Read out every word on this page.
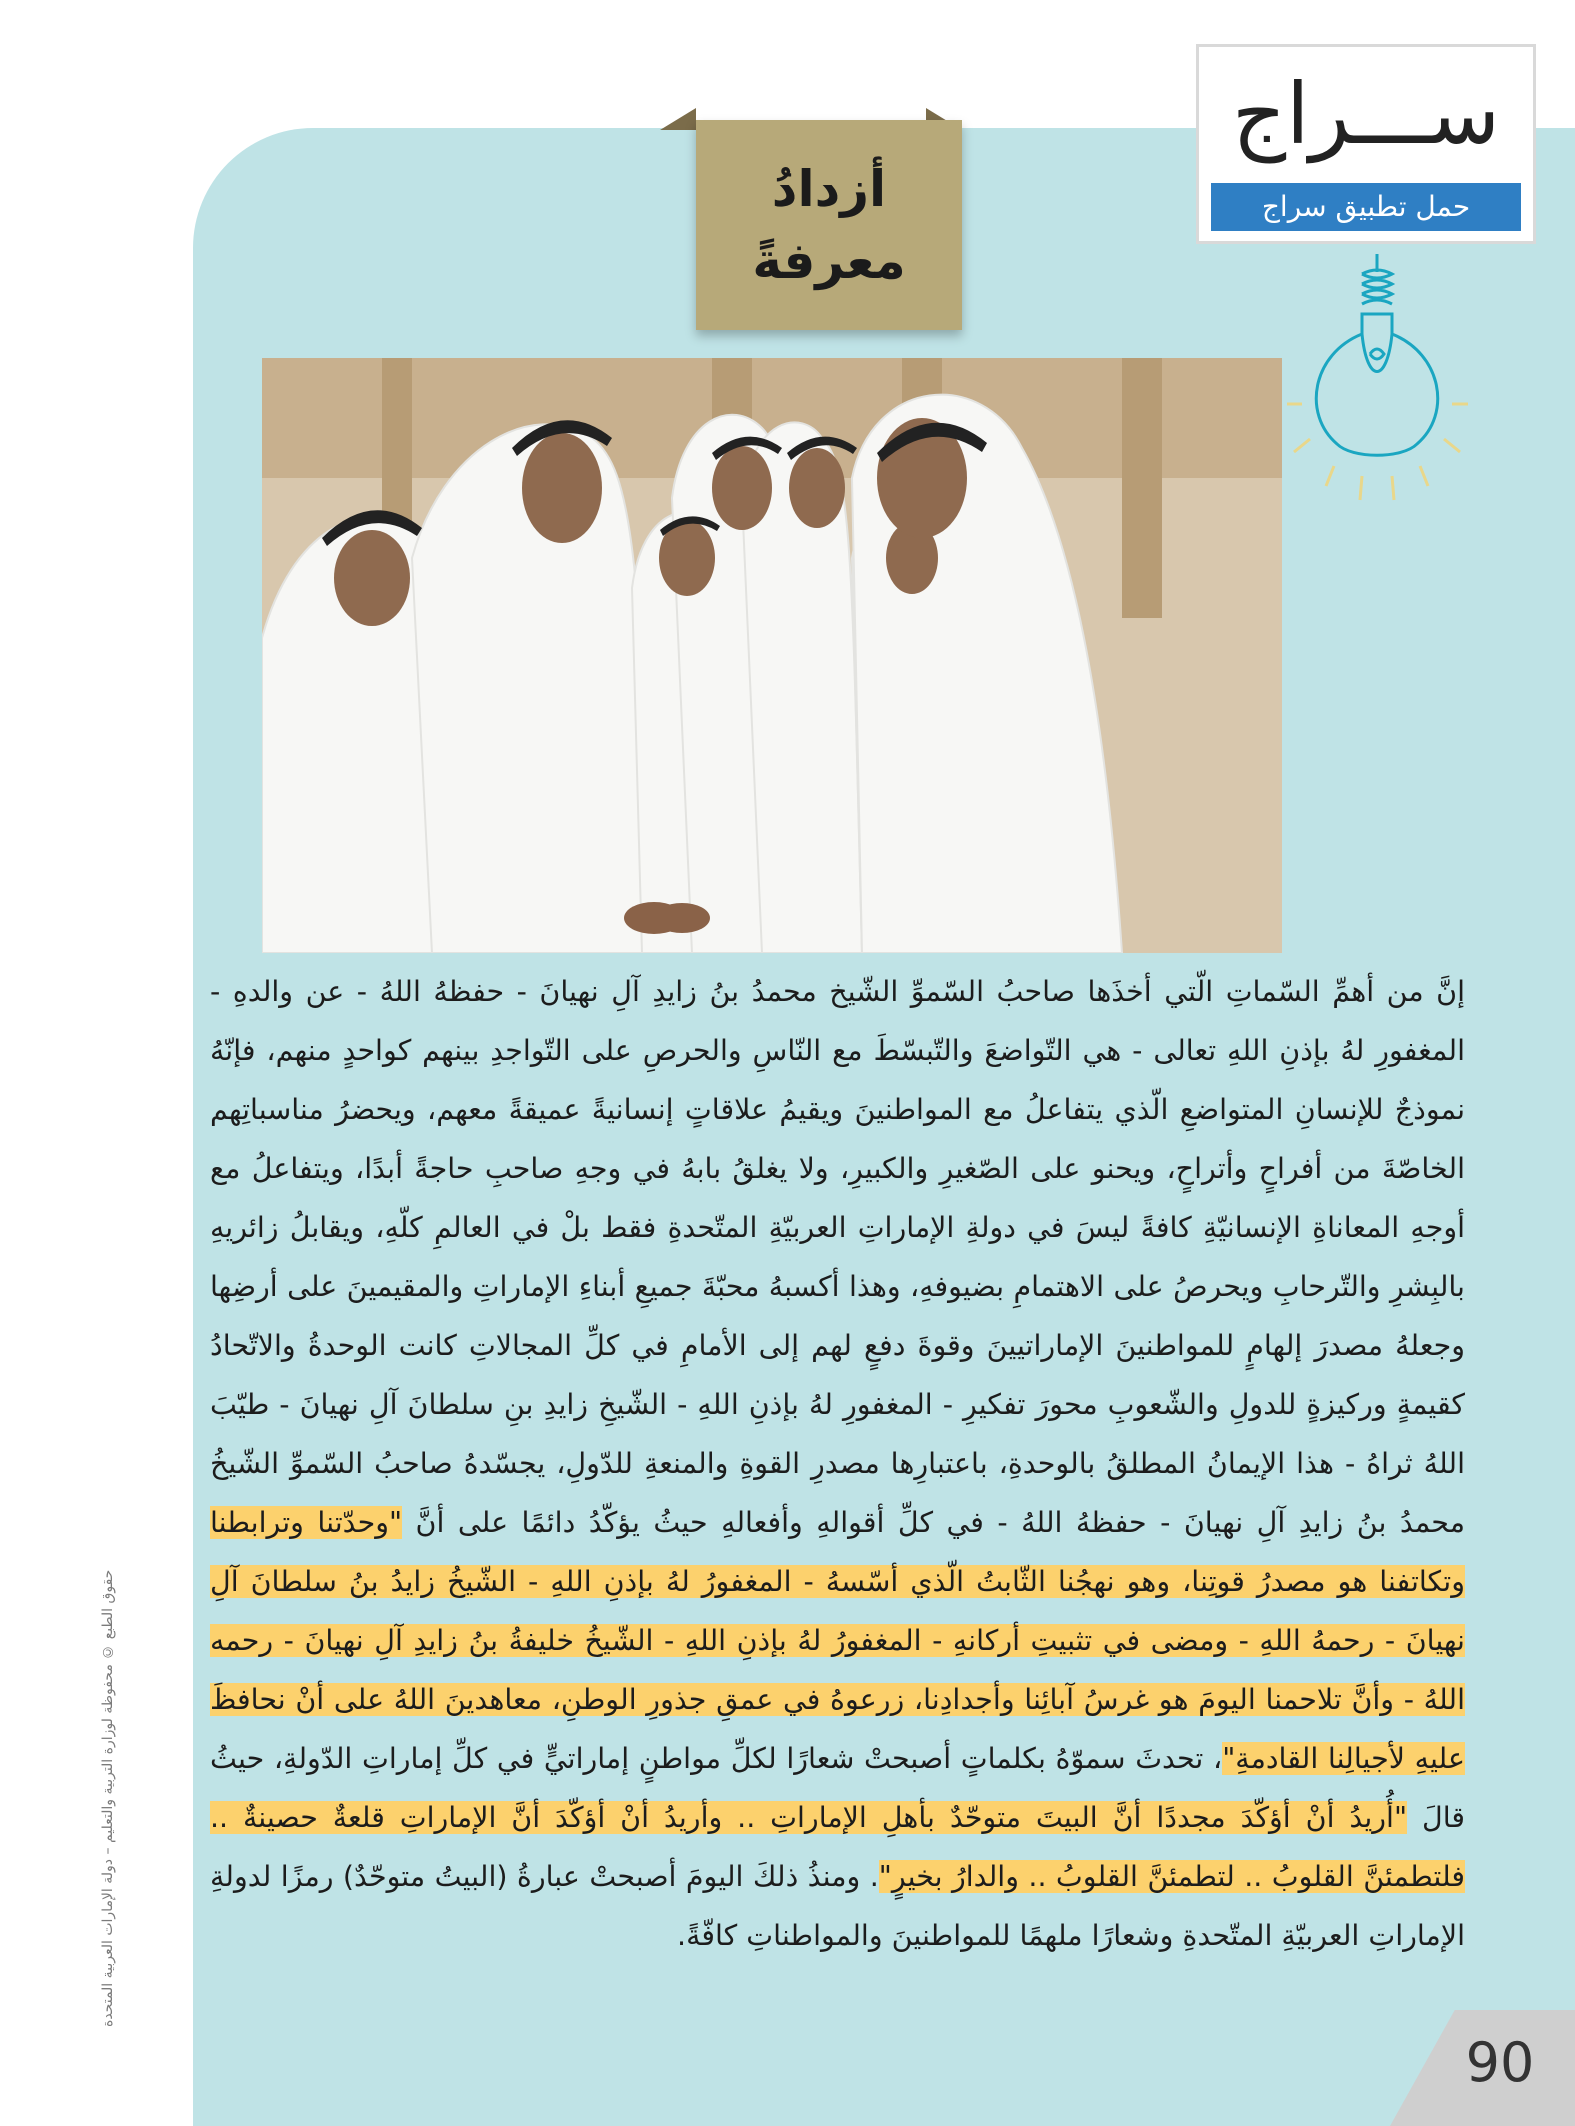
أزدادُ
معرفةً
ســـراج
حمل تطبيق سراج
إنَّ من أهمِّ السّماتِ الّتي أخذَها صاحبُ السّموِّ الشّيخ محمدُ بنُ زايدِ آلِ نهيانَ - حفظهُ اللهُ - عن والدهِ - المغفورِ لهُ بإذنِ اللهِ تعالى - هي التّواضعَ والتّبسّطَ مع النّاسِ والحرصِ على التّواجدِ بينهم كواحدٍ منهم، فإنّهُ نموذجٌ للإنسانِ المتواضعِ الّذي يتفاعلُ مع المواطنينَ ويقيمُ علاقاتٍ إنسانيةً عميقةً معهم، ويحضرُ مناسباتِهم الخاصّةَ من أفراحٍ وأتراحٍ، ويحنو على الصّغيرِ والكبيرِ، ولا يغلقُ بابهُ في وجهِ صاحبِ حاجةً أبدًا، ويتفاعلُ مع أوجهِ المعاناةِ الإنسانيّةِ كافةً ليسَ في دولةِ الإماراتِ العربيّةِ المتّحدةِ فقط بلْ في العالمِ كلّهِ، ويقابلُ زائريهِ بالبِشرِ والتّرحابِ ويحرصُ على الاهتمامِ بضيوفهِ، وهذا أكسبهُ محبّةَ جميعِ أبناءِ الإماراتِ والمقيمينَ على أرضِها وجعلهُ مصدرَ إلهامٍ للمواطنينَ الإماراتيينَ وقوةَ دفعٍ لهم إلى الأمامِ في كلِّ المجالاتِ كانت الوحدةُ والاتّحادُ كقيمةٍ وركيزةٍ للدولِ والشّعوبِ محورَ تفكيرِ - المغفورِ لهُ بإذنِ اللهِ - الشّيخِ زايدِ بنِ سلطانَ آلِ نهيانَ - طيّبَ اللهُ ثراهُ - هذا الإيمانُ المطلقُ بالوحدةِ، باعتبارِها مصدرِ القوةِ والمنعةِ للدّولِ، يجسّدهُ صاحبُ السّموِّ الشّيخُ محمدُ بنُ زايدِ آلِ نهيانَ - حفظهُ اللهُ - في كلِّ أقوالهِ وأفعالهِ حيثُ يؤكّدُ دائمًا على أنَّ "وحدّتنا وترابطنا وتكاتفنا هو مصدرُ قوتِنا، وهو نهجُنا الثّابتُ الّذي أسّسهُ - المغفورُ لهُ بإذنِ اللهِ - الشّيخُ زايدُ بنُ سلطانَ آلِ نهيانَ - رحمهُ اللهِ - ومضى في تثبيتِ أركانهِ - المغفورُ لهُ بإذنِ اللهِ - الشّيخُ خليفةُ بنُ زايدِ آلِ نهيانَ - رحمه اللهُ - وأنَّ تلاحمنا اليومَ هو غرسُ آبائِنا وأجدادِنا، زرعوهُ في عمقِ جذورِ الوطنِ، معاهدينَ اللهُ على أنْ نحافظَ عليهِ لأجيالِنا القادمةِ"، تحدثَ سموّهُ بكلماتٍ أصبحتْ شعارًا لكلِّ مواطنٍ إماراتيٍّ في كلِّ إماراتِ الدّولةِ، حيثُ قالَ "أُريدُ أنْ أؤكّدَ مجددًا أنَّ البيتَ متوحّدٌ بأهلِ الإماراتِ .. وأريدُ أنْ أؤكّدَ أنَّ الإماراتِ قلعةٌ حصينةٌ .. فلتطمئنَّ القلوبُ .. لتطمئنَّ القلوبُ .. والدارُ بخيرٍ". ومنذُ ذلكَ اليومَ أصبحتْ عبارةُ (البيتُ متوحّدٌ) رمزًا لدولةِ الإماراتِ العربيّةِ المتّحدةِ وشعارًا ملهمًا للمواطنينَ والمواطناتِ كافّةً.
حقوق الطبع © محفوظة لوزارة التربية والتعليم – دولة الإمارات العربية المتحدة
90
